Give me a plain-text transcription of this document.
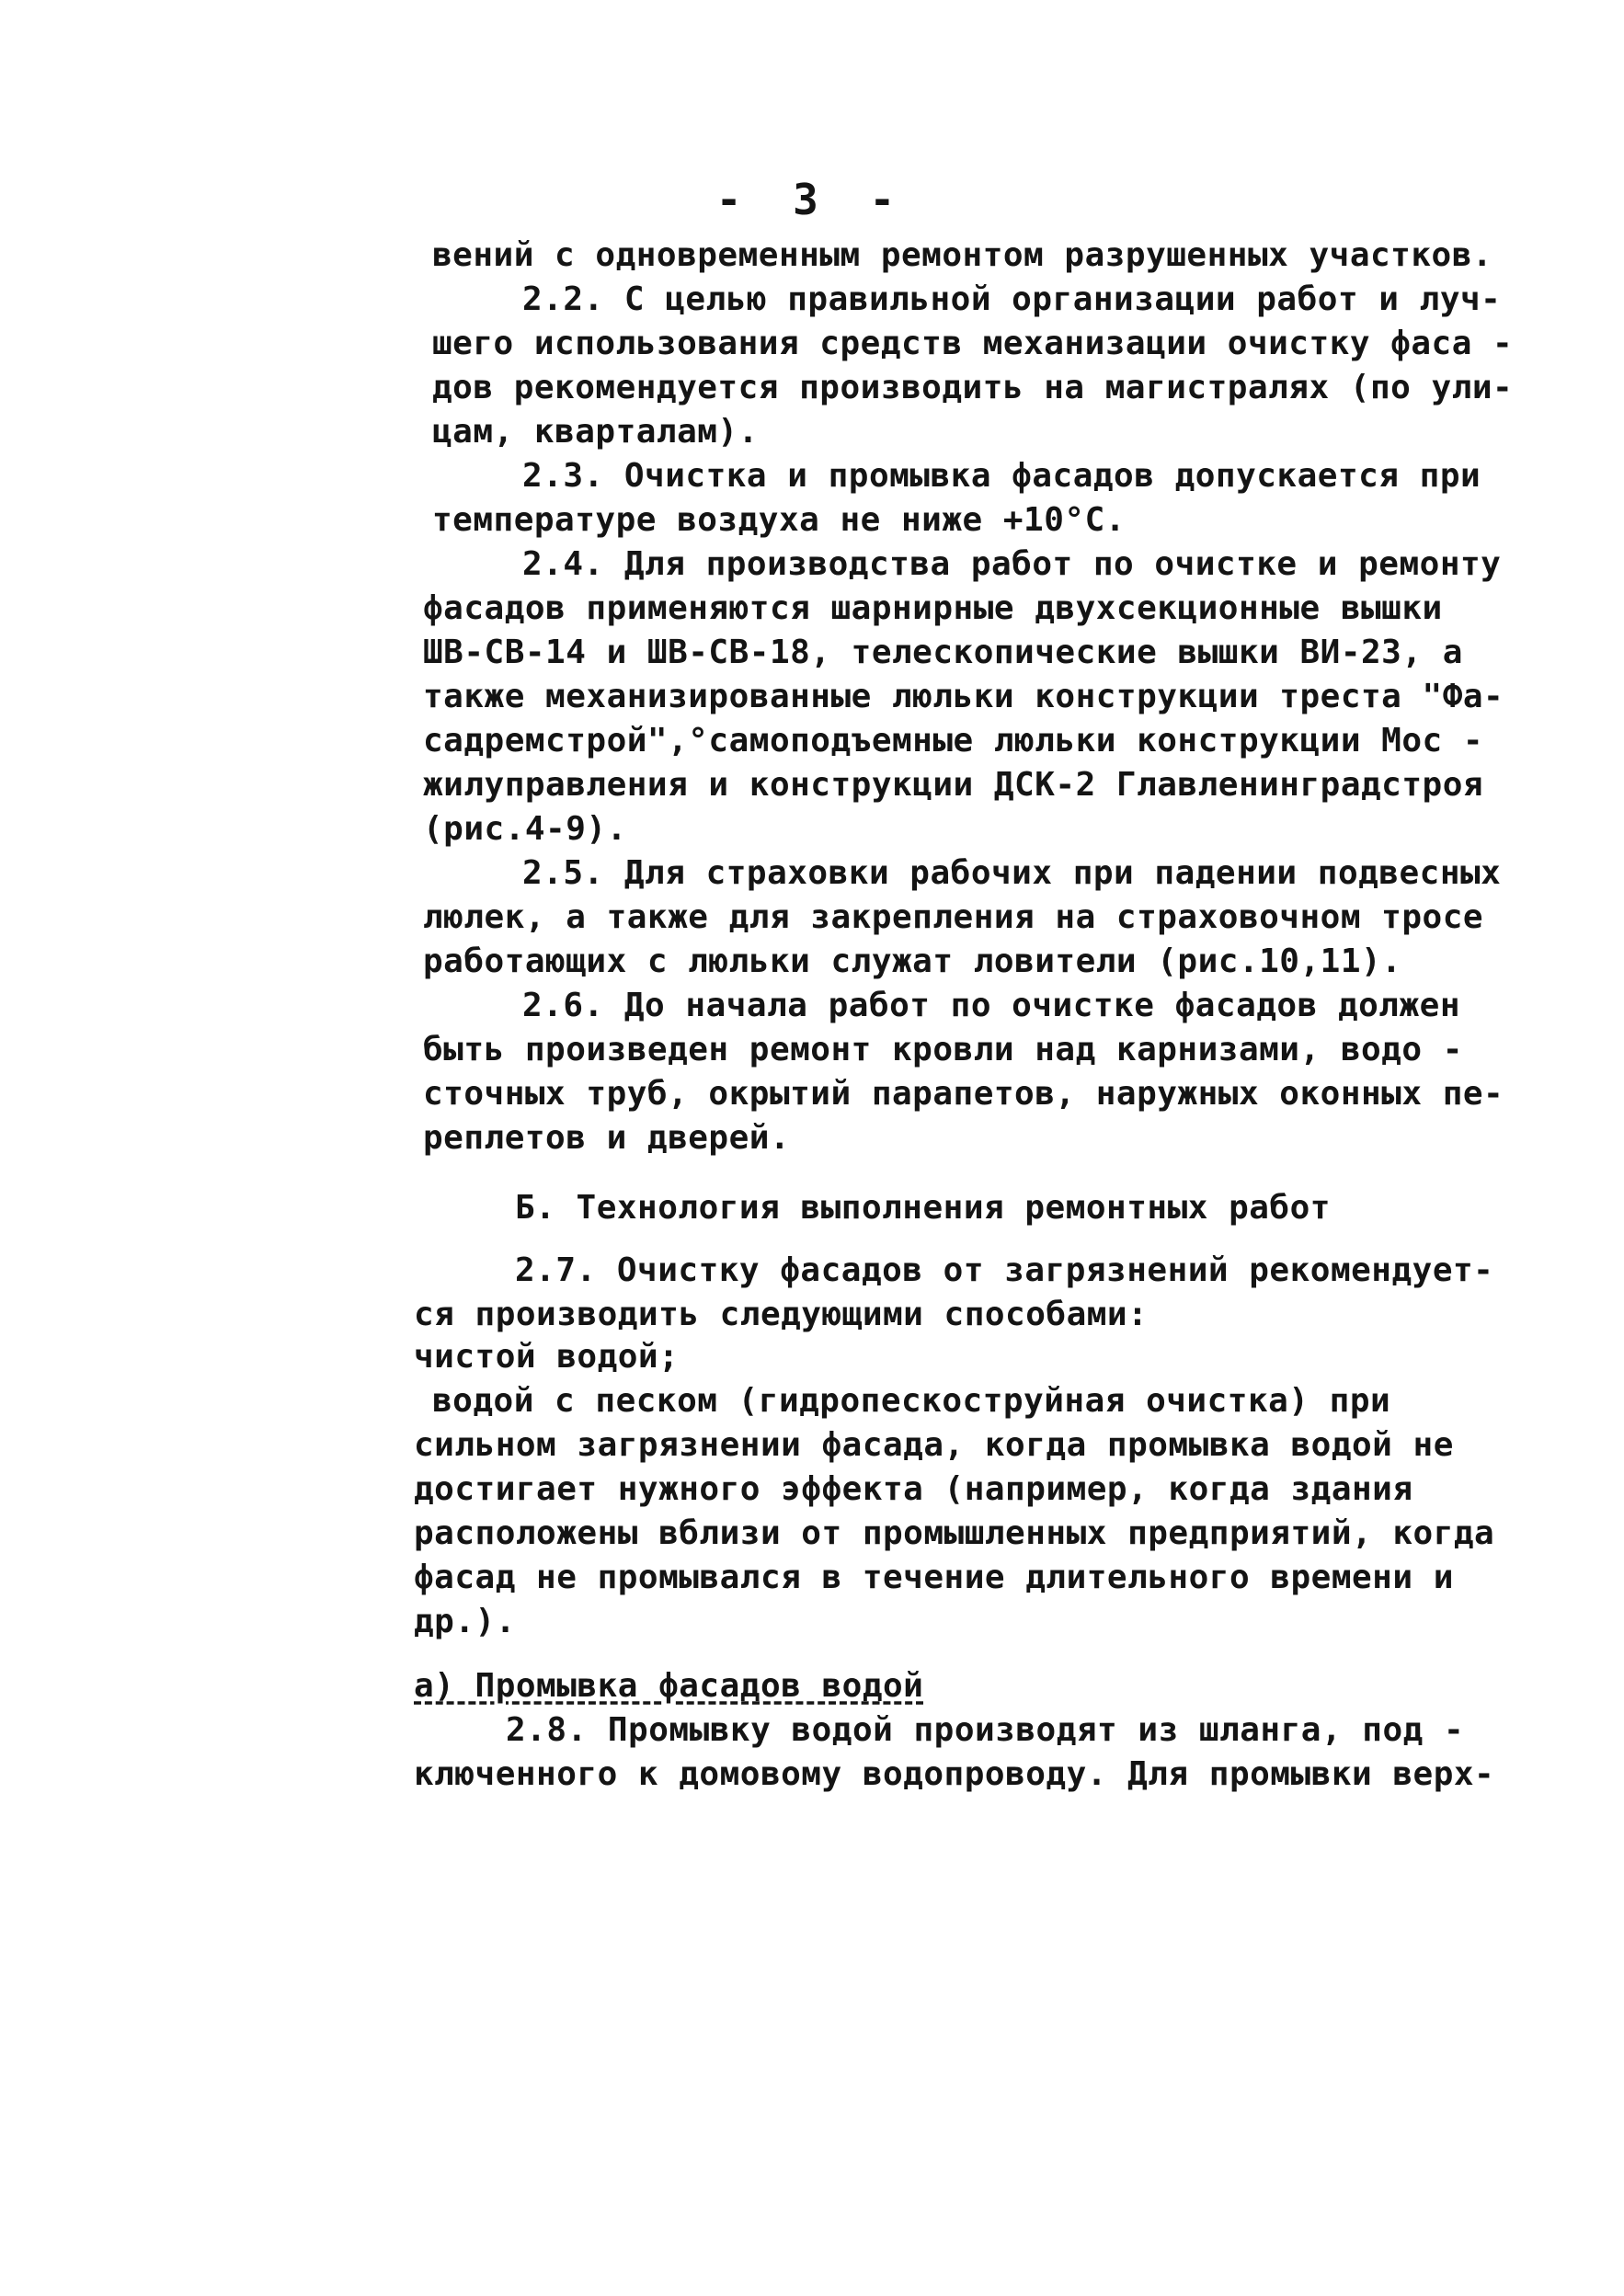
- 3 -
вений с одновременным ремонтом разрушенных участков.
2.2. С целью правильной организации работ и луч-
шего использования средств механизации очистку фаса -
дов рекомендуется производить на магистралях (по ули-
цам, кварталам).
2.3. Очистка и промывка фасадов допускается при
температуре воздуха не ниже +10°С.
2.4. Для производства работ по очистке и ремонту
фасадов применяются шарнирные двухсекционные вышки
ШВ-СВ-14 и ШВ-СВ-18, телескопические вышки ВИ-23, а
также механизированные люльки конструкции треста "Фа-
садремстрой",°самоподъемные люльки конструкции Мос -
жилуправления и конструкции ДСК-2 Главленинградстроя
(рис.4-9).
2.5. Для страховки рабочих при падении подвесных
люлек, а также для закрепления на страховочном тросе
работающих с люльки служат ловители (рис.10,11).
2.6. До начала работ по очистке фасадов должен
быть произведен ремонт кровли над карнизами, водо -
сточных труб, окрытий парапетов, наружных оконных пе-
реплетов и дверей.
Б. Технология выполнения ремонтных работ
2.7. Очистку фасадов от загрязнений рекомендует-
ся производить следующими способами:
чистой водой;
водой с песком (гидропескоструйная очистка) при
сильном загрязнении фасада, когда промывка водой не
достигает нужного эффекта (например, когда здания
расположены вблизи от промышленных предприятий, когда
фасад не промывался в течение длительного времени и
др.).
а) Промывка фасадов водой
2.8. Промывку водой производят из шланга, под -
ключенного к домовому водопроводу. Для промывки верх-
